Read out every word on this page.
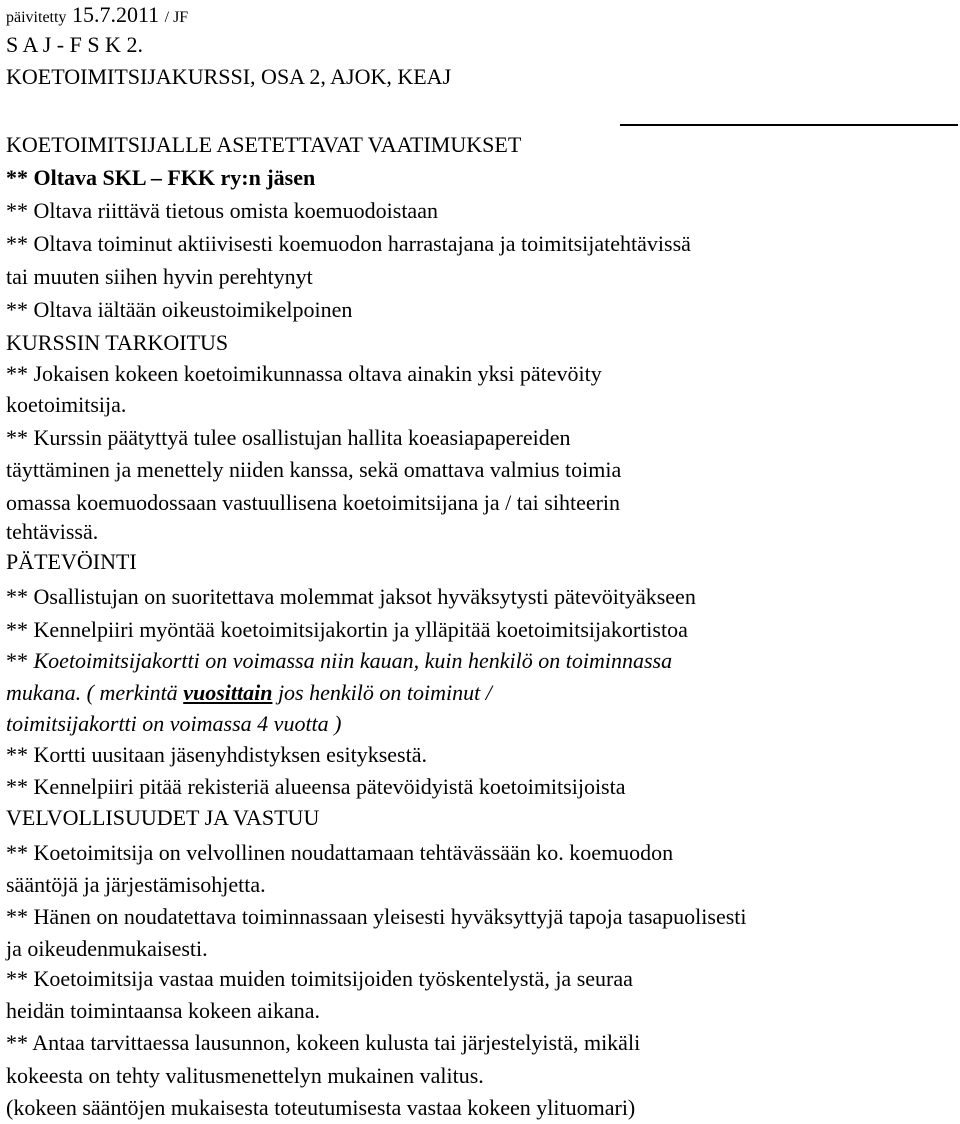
päivitetty 15.7.2011 / JF
S A J - F S K 2.
KOETOIMITSIJAKURSSI, OSA 2, AJOK, KEAJ
KOETOIMITSIJALLE ASETETTAVAT VAATIMUKSET
** Oltava SKL – FKK ry:n jäsen
** Oltava riittävä tietous omista koemuodoistaan
** Oltava toiminut aktiivisesti koemuodon harrastajana ja toimitsijatehtävissä
tai muuten siihen hyvin perehtynyt
** Oltava iältään oikeustoimikelpoinen
KURSSIN TARKOITUS
** Jokaisen kokeen koetoimikunnassa oltava ainakin yksi pätevöity
koetoimitsija.
** Kurssin päätyttyä tulee osallistujan hallita koeasiapapereiden
täyttäminen ja menettely niiden kanssa, sekä omattava valmius toimia
omassa koemuodossaan vastuullisena koetoimitsijana ja / tai sihteerin
tehtävissä.
PÄTEVÖINTI
** Osallistujan on suoritettava molemmat jaksot hyväksytysti pätevöityäkseen
** Kennelpiiri myöntää koetoimitsijakortin ja ylläpitää koetoimitsijakortistoa
** Koetoimitsijakortti on voimassa niin kauan, kuin henkilö on toiminnassa
mukana. ( merkintä vuosittain jos henkilö on toiminut /
toimitsijakortti on voimassa 4 vuotta )
** Kortti uusitaan jäsenyhdistyksen esityksestä.
** Kennelpiiri pitää rekisteriä alueensa pätevöidyistä koetoimitsijoista
VELVOLLISUUDET JA VASTUU
** Koetoimitsija on velvollinen noudattamaan tehtävässään ko. koemuodon
sääntöjä ja järjestämisohjetta.
** Hänen on noudatettava toiminnassaan yleisesti hyväksyttyjä tapoja tasapuolisesti
ja oikeudenmukaisesti.
** Koetoimitsija vastaa muiden toimitsijoiden työskentelystä, ja seuraa
heidän toimintaansa kokeen aikana.
** Antaa tarvittaessa lausunnon, kokeen kulusta tai järjestelyistä, mikäli
kokeesta on tehty valitusmenettelyn mukainen valitus.
(kokeen sääntöjen mukaisesta toteutumisesta vastaa kokeen ylituomari)
